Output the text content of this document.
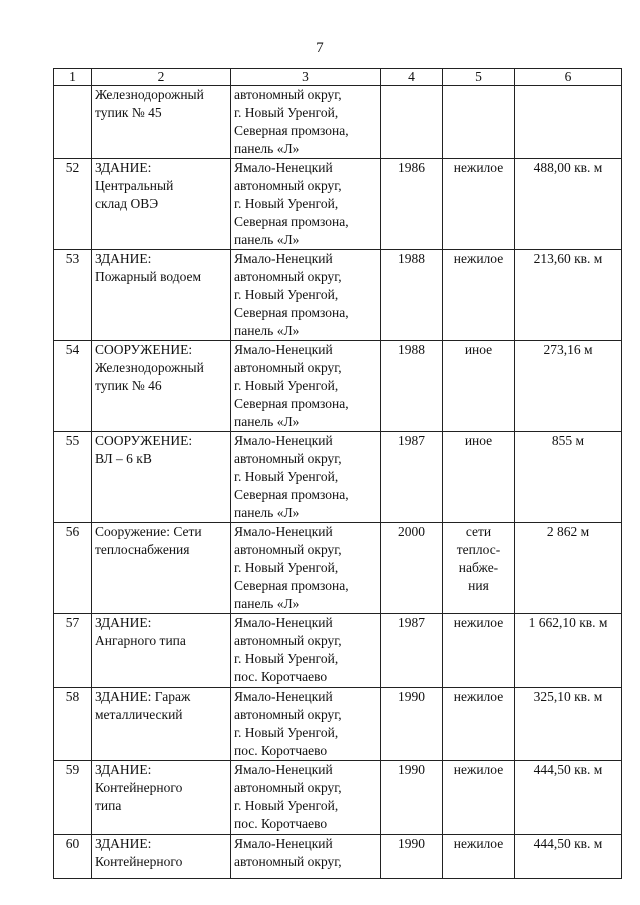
7
1	2	3	4	5	6

	Железнодорожный
тупик № 45	автономный округ,
г. Новый Уренгой,
Северная промзона,
панель «Л»			

52	ЗДАНИЕ:
Центральный
склад ОВЭ	Ямало-Ненецкий
автономный округ,
г. Новый Уренгой,
Северная промзона,
панель «Л»	1986	нежилое	488,00 кв. м
53	ЗДАНИЕ:
Пожарный водоем	Ямало-Ненецкий
автономный округ,
г. Новый Уренгой,
Северная промзона,
панель «Л»	1988	нежилое	213,60 кв. м
54	СООРУЖЕНИЕ:
Железнодорожный
тупик № 46	Ямало-Ненецкий
автономный округ,
г. Новый Уренгой,
Северная промзона,
панель «Л»	1988	иное	273,16 м
55	СООРУЖЕНИЕ:
ВЛ – 6 кВ	Ямало-Ненецкий
автономный округ,
г. Новый Уренгой,
Северная промзона,
панель «Л»	1987	иное	855 м
56	Сооружение: Сети
теплоснабжения	Ямало-Ненецкий
автономный округ,
г. Новый Уренгой,
Северная промзона,
панель «Л»	2000	сети
теплос-
набже-
ния	2 862 м
57	ЗДАНИЕ:
Ангарного типа	Ямало-Ненецкий
автономный округ,
г. Новый Уренгой,
пос. Коротчаево	1987	нежилое	1 662,10 кв. м
58	ЗДАНИЕ: Гараж
металлический	Ямало-Ненецкий
автономный округ,
г. Новый Уренгой,
пос. Коротчаево	1990	нежилое	325,10 кв. м
59	ЗДАНИЕ:
Контейнерного
типа	Ямало-Ненецкий
автономный округ,
г. Новый Уренгой,
пос. Коротчаево	1990	нежилое	444,50 кв. м
60	ЗДАНИЕ:
Контейнерного	Ямало-Ненецкий
автономный округ,	1990	нежилое	444,50 кв. м
